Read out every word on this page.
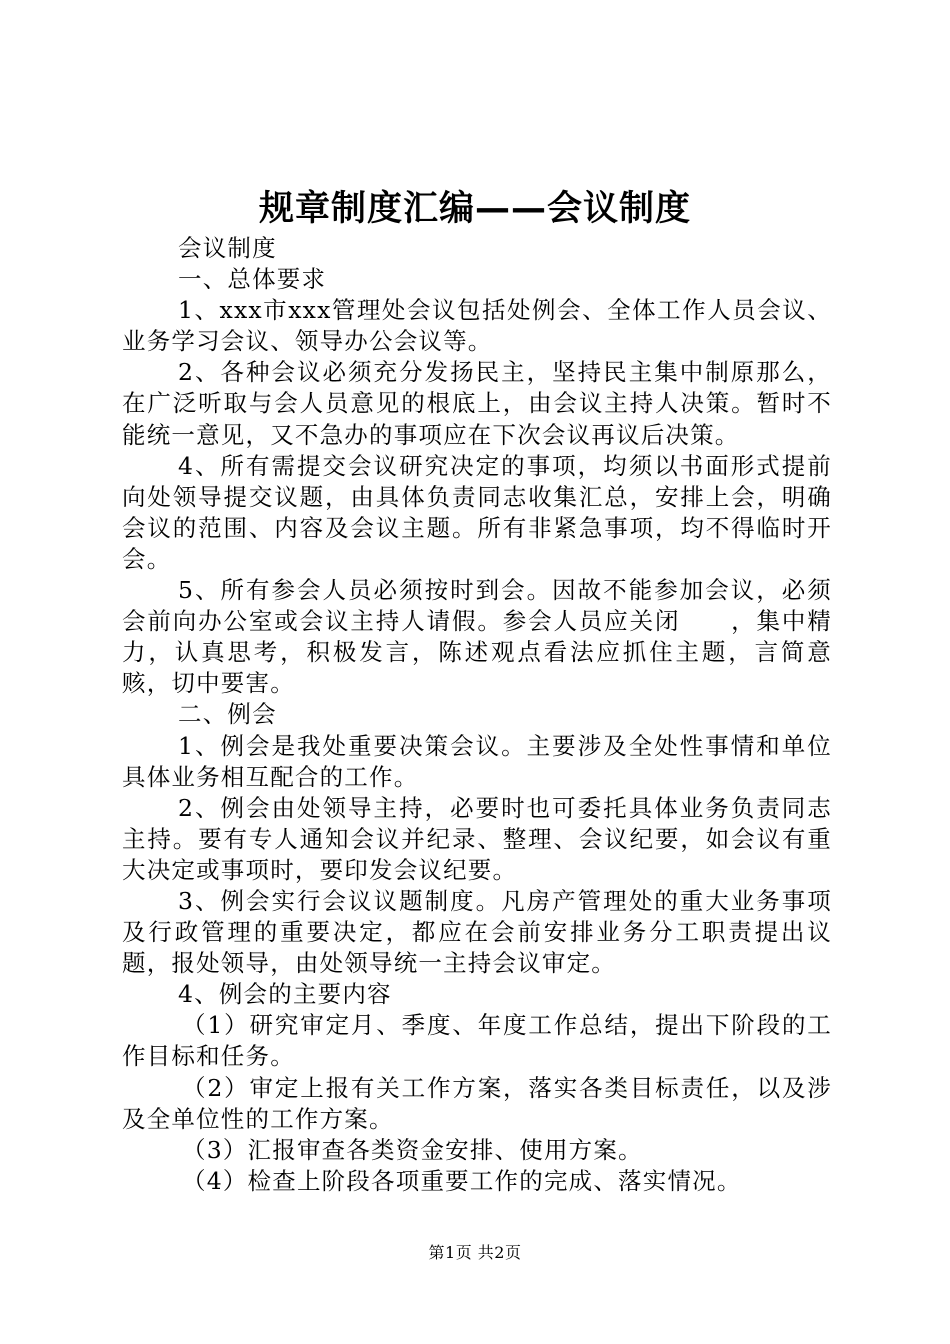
规章制度汇编——会议制度

会议制度

一、总体要求

1、xxx市xxx管理处会议包括处例会、全体工作人员会议、业务学习会议、领导办公会议等。

2、各种会议必须充分发扬民主，坚持民主集中制原那么，在广泛听取与会人员意见的根底上，由会议主持人决策。暂时不能统一意见，又不急办的事项应在下次会议再议后决策。

4、所有需提交会议研究决定的事项，均须以书面形式提前向处领导提交议题，由具体负责同志收集汇总，安排上会，明确会议的范围、内容及会议主题。所有非紧急事项，均不得临时开会。

5、所有参会人员必须按时到会。因故不能参加会议，必须会前向办公室或会议主持人请假。参会人员应关闭　　，集中精力，认真思考，积极发言，陈述观点看法应抓住主题，言简意赅，切中要害。

二、例会

1、例会是我处重要决策会议。主要涉及全处性事情和单位具体业务相互配合的工作。

2、例会由处领导主持，必要时也可委托具体业务负责同志主持。要有专人通知会议并纪录、整理、会议纪要，如会议有重大决定或事项时，要印发会议纪要。

3、例会实行会议议题制度。凡房产管理处的重大业务事项及行政管理的重要决定，都应在会前安排业务分工职责提出议题，报处领导，由处领导统一主持会议审定。

4、例会的主要内容

（1）研究审定月、季度、年度工作总结，提出下阶段的工作目标和任务。

（2）审定上报有关工作方案，落实各类目标责任，以及涉及全单位性的工作方案。

（3）汇报审查各类资金安排、使用方案。

（4）检查上阶段各项重要工作的完成、落实情况。

第1页 共2页
